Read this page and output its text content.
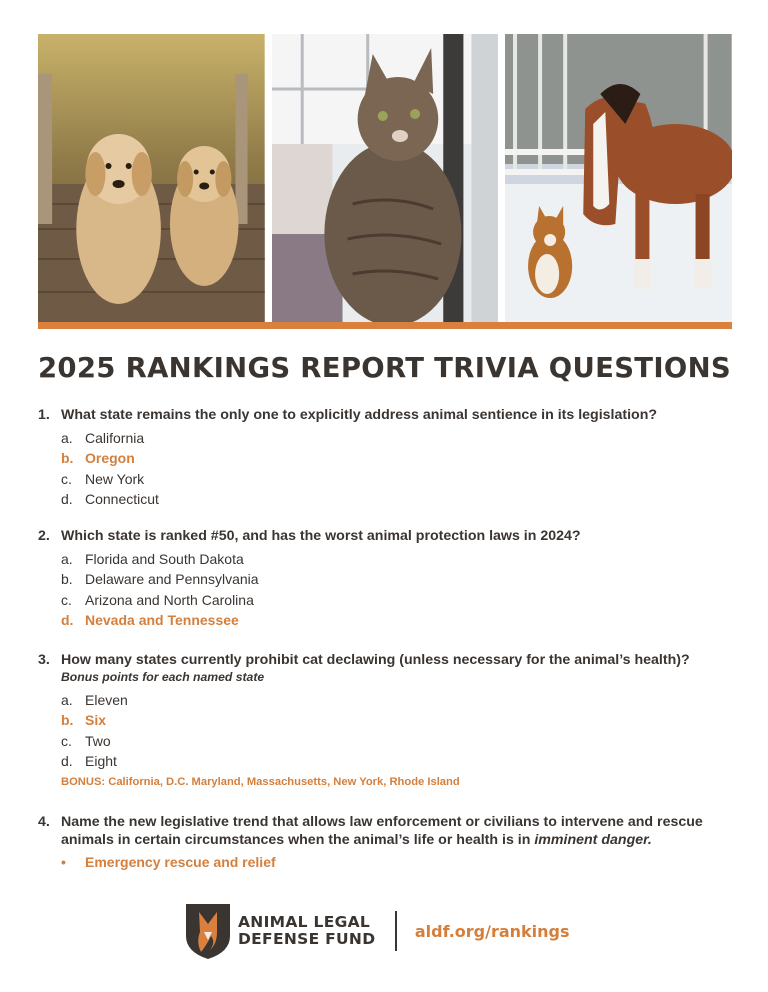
2025 RANKINGS REPORT TRIVIA QUESTIONS
1. What state remains the only one to explicitly address animal sentience in its legislation?
a. California
b. Oregon
c. New York
d. Connecticut
2. Which state is ranked #50, and has the worst animal protection laws in 2024?
a. Florida and South Dakota
b. Delaware and Pennsylvania
c. Arizona and North Carolina
d. Nevada and Tennessee
3. How many states currently prohibit cat declawing (unless necessary for the animal’s health)?
Bonus points for each named state
a. Eleven
b. Six
c. Two
d. Eight
BONUS: California, D.C. Maryland, Massachusetts, New York, Rhode Island
4. Name the new legislative trend that allows law enforcement or civilians to intervene and rescue animals in certain circumstances when the animal’s life or health is in imminent danger.
•	Emergency rescue and relief
ANIMAL LEGAL
DEFENSE FUND aldf.org/rankings
